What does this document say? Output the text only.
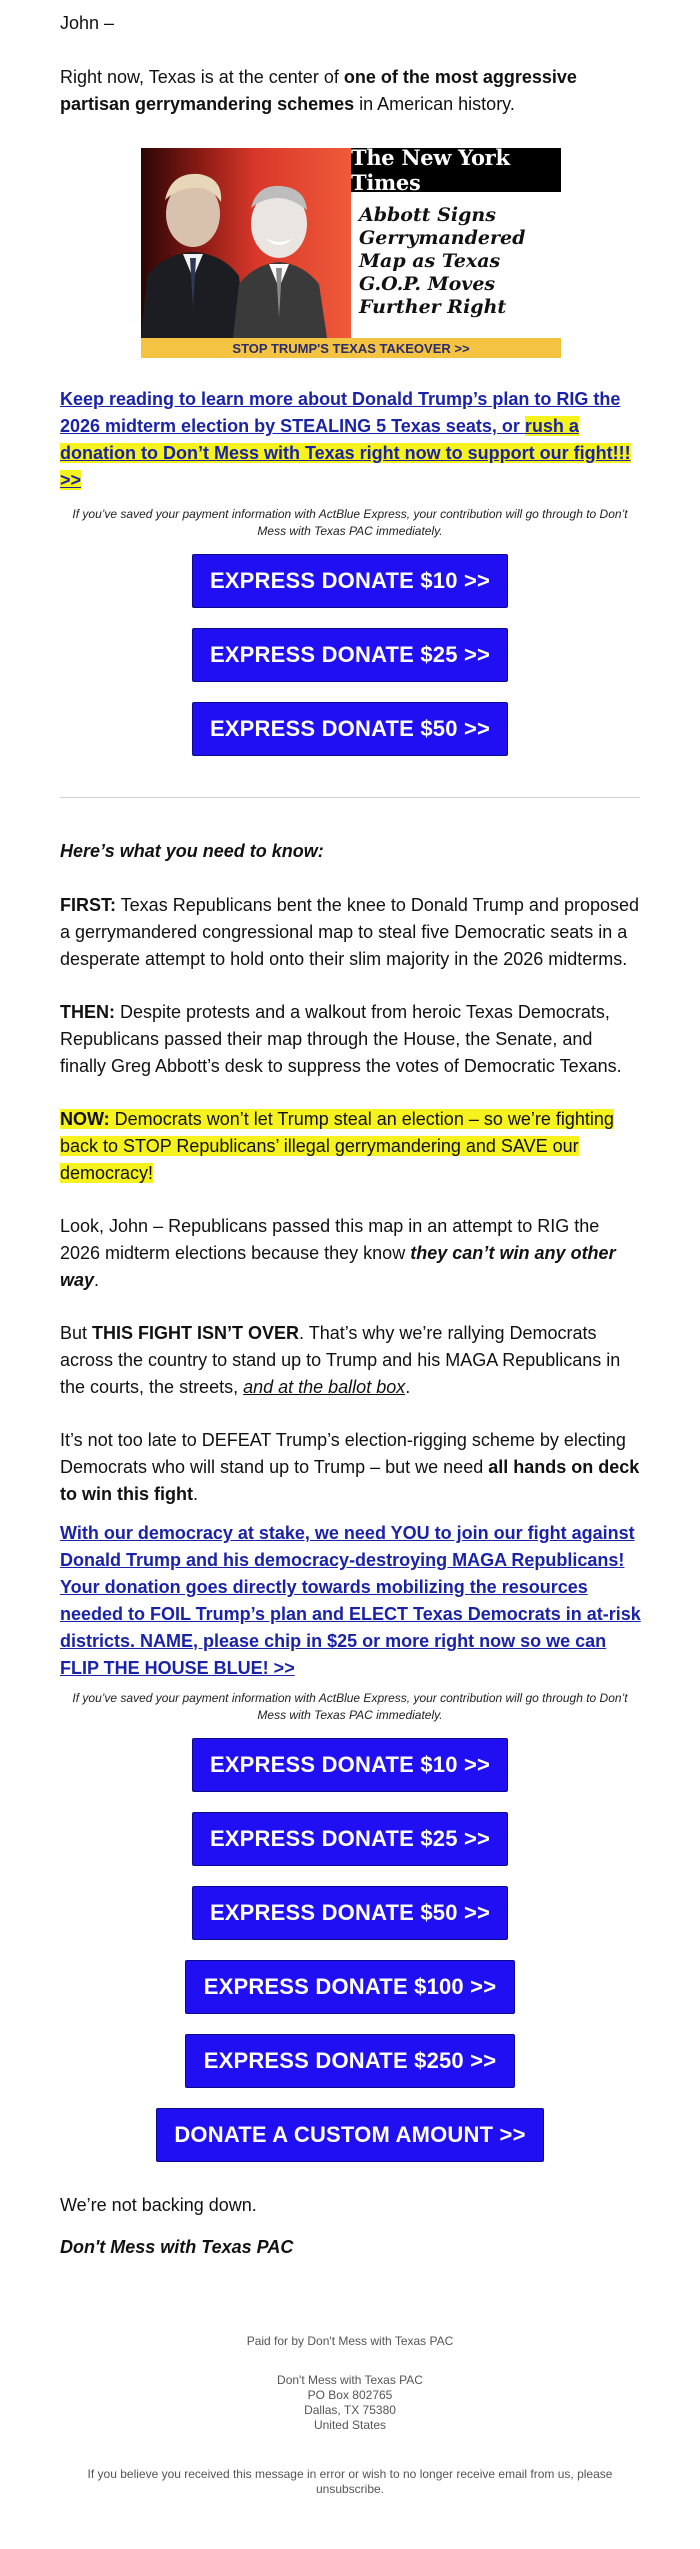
John –
Right now, Texas is at the center of one of the most aggressive partisan gerrymandering schemes in American history.
The New York Times
Abbott Signs Gerrymandered Map as Texas G.O.P. Moves Further Right
STOP TRUMP'S TEXAS TAKEOVER >>
Keep reading to learn more about Donald Trump’s plan to RIG the 2026 midterm election by STEALING 5 Texas seats, or rush a donation to Don’t Mess with Texas right now to support our fight!!! >>
If you’ve saved your payment information with ActBlue Express, your contribution will go through to Don’t Mess with Texas PAC immediately.
EXPRESS DONATE $10 >>
EXPRESS DONATE $25 >>
EXPRESS DONATE $50 >>
Here’s what you need to know:
FIRST: Texas Republicans bent the knee to Donald Trump and proposed a gerrymandered congressional map to steal five Democratic seats in a desperate attempt to hold onto their slim majority in the 2026 midterms.
THEN: Despite protests and a walkout from heroic Texas Democrats, Republicans passed their map through the House, the Senate, and finally Greg Abbott’s desk to suppress the votes of Democratic Texans.
NOW: Democrats won’t let Trump steal an election – so we’re fighting back to STOP Republicans’ illegal gerrymandering and SAVE our democracy!
Look, John – Republicans passed this map in an attempt to RIG the 2026 midterm elections because they know they can’t win any other way.
But THIS FIGHT ISN’T OVER. That’s why we’re rallying Democrats across the country to stand up to Trump and his MAGA Republicans in the courts, the streets, and at the ballot box.
It’s not too late to DEFEAT Trump’s election-rigging scheme by electing Democrats who will stand up to Trump – but we need all hands on deck to win this fight.
With our democracy at stake, we need YOU to join our fight against Donald Trump and his democracy-destroying MAGA Republicans! Your donation goes directly towards mobilizing the resources needed to FOIL Trump’s plan and ELECT Texas Democrats in at-risk districts. NAME, please chip in $25 or more right now so we can FLIP THE HOUSE BLUE! >>
If you’ve saved your payment information with ActBlue Express, your contribution will go through to Don’t Mess with Texas PAC immediately.
EXPRESS DONATE $10 >>
EXPRESS DONATE $25 >>
EXPRESS DONATE $50 >>
EXPRESS DONATE $100 >>
EXPRESS DONATE $250 >>
DONATE A CUSTOM AMOUNT >>
We’re not backing down.
Don't Mess with Texas PAC
Paid for by Don't Mess with Texas PAC
Don't Mess with Texas PAC
PO Box 802765
Dallas, TX 75380
United States
If you believe you received this message in error or wish to no longer receive email from us, please unsubscribe.
